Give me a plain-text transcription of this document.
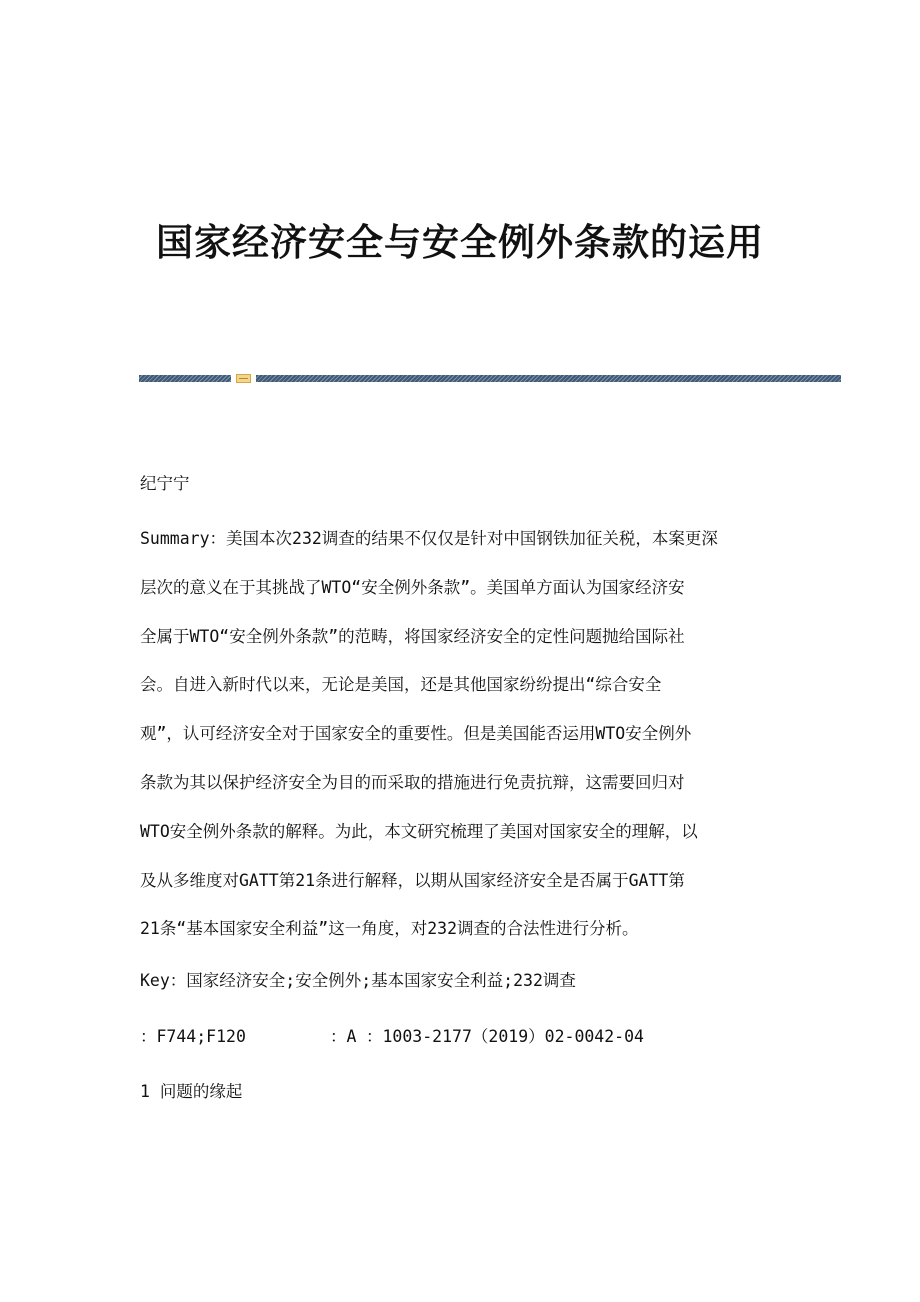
国家经济安全与安全例外条款的运用
纪宁宁
Summary：美国本次232调查的结果不仅仅是针对中国钢铁加征关税，本案更深
层次的意义在于其挑战了WTO“安全例外条款”。美国单方面认为国家经济安
全属于WTO“安全例外条款”的范畴，将国家经济安全的定性问题抛给国际社
会。自进入新时代以来，无论是美国，还是其他国家纷纷提出“综合安全
观”，认可经济安全对于国家安全的重要性。但是美国能否运用WTO安全例外
条款为其以保护经济安全为目的而采取的措施进行免责抗辩，这需要回归对
WTO安全例外条款的解释。为此，本文研究梳理了美国对国家安全的理解，以
及从多维度对GATT第21条进行解释，以期从国家经济安全是否属于GATT第
21条“基本国家安全利益”这一角度，对232调查的合法性进行分析。
Key：国家经济安全;安全例外;基本国家安全利益;232调查
：F744;F120	：A ：1003-2177（2019）02-0042-04
1 问题的缘起
